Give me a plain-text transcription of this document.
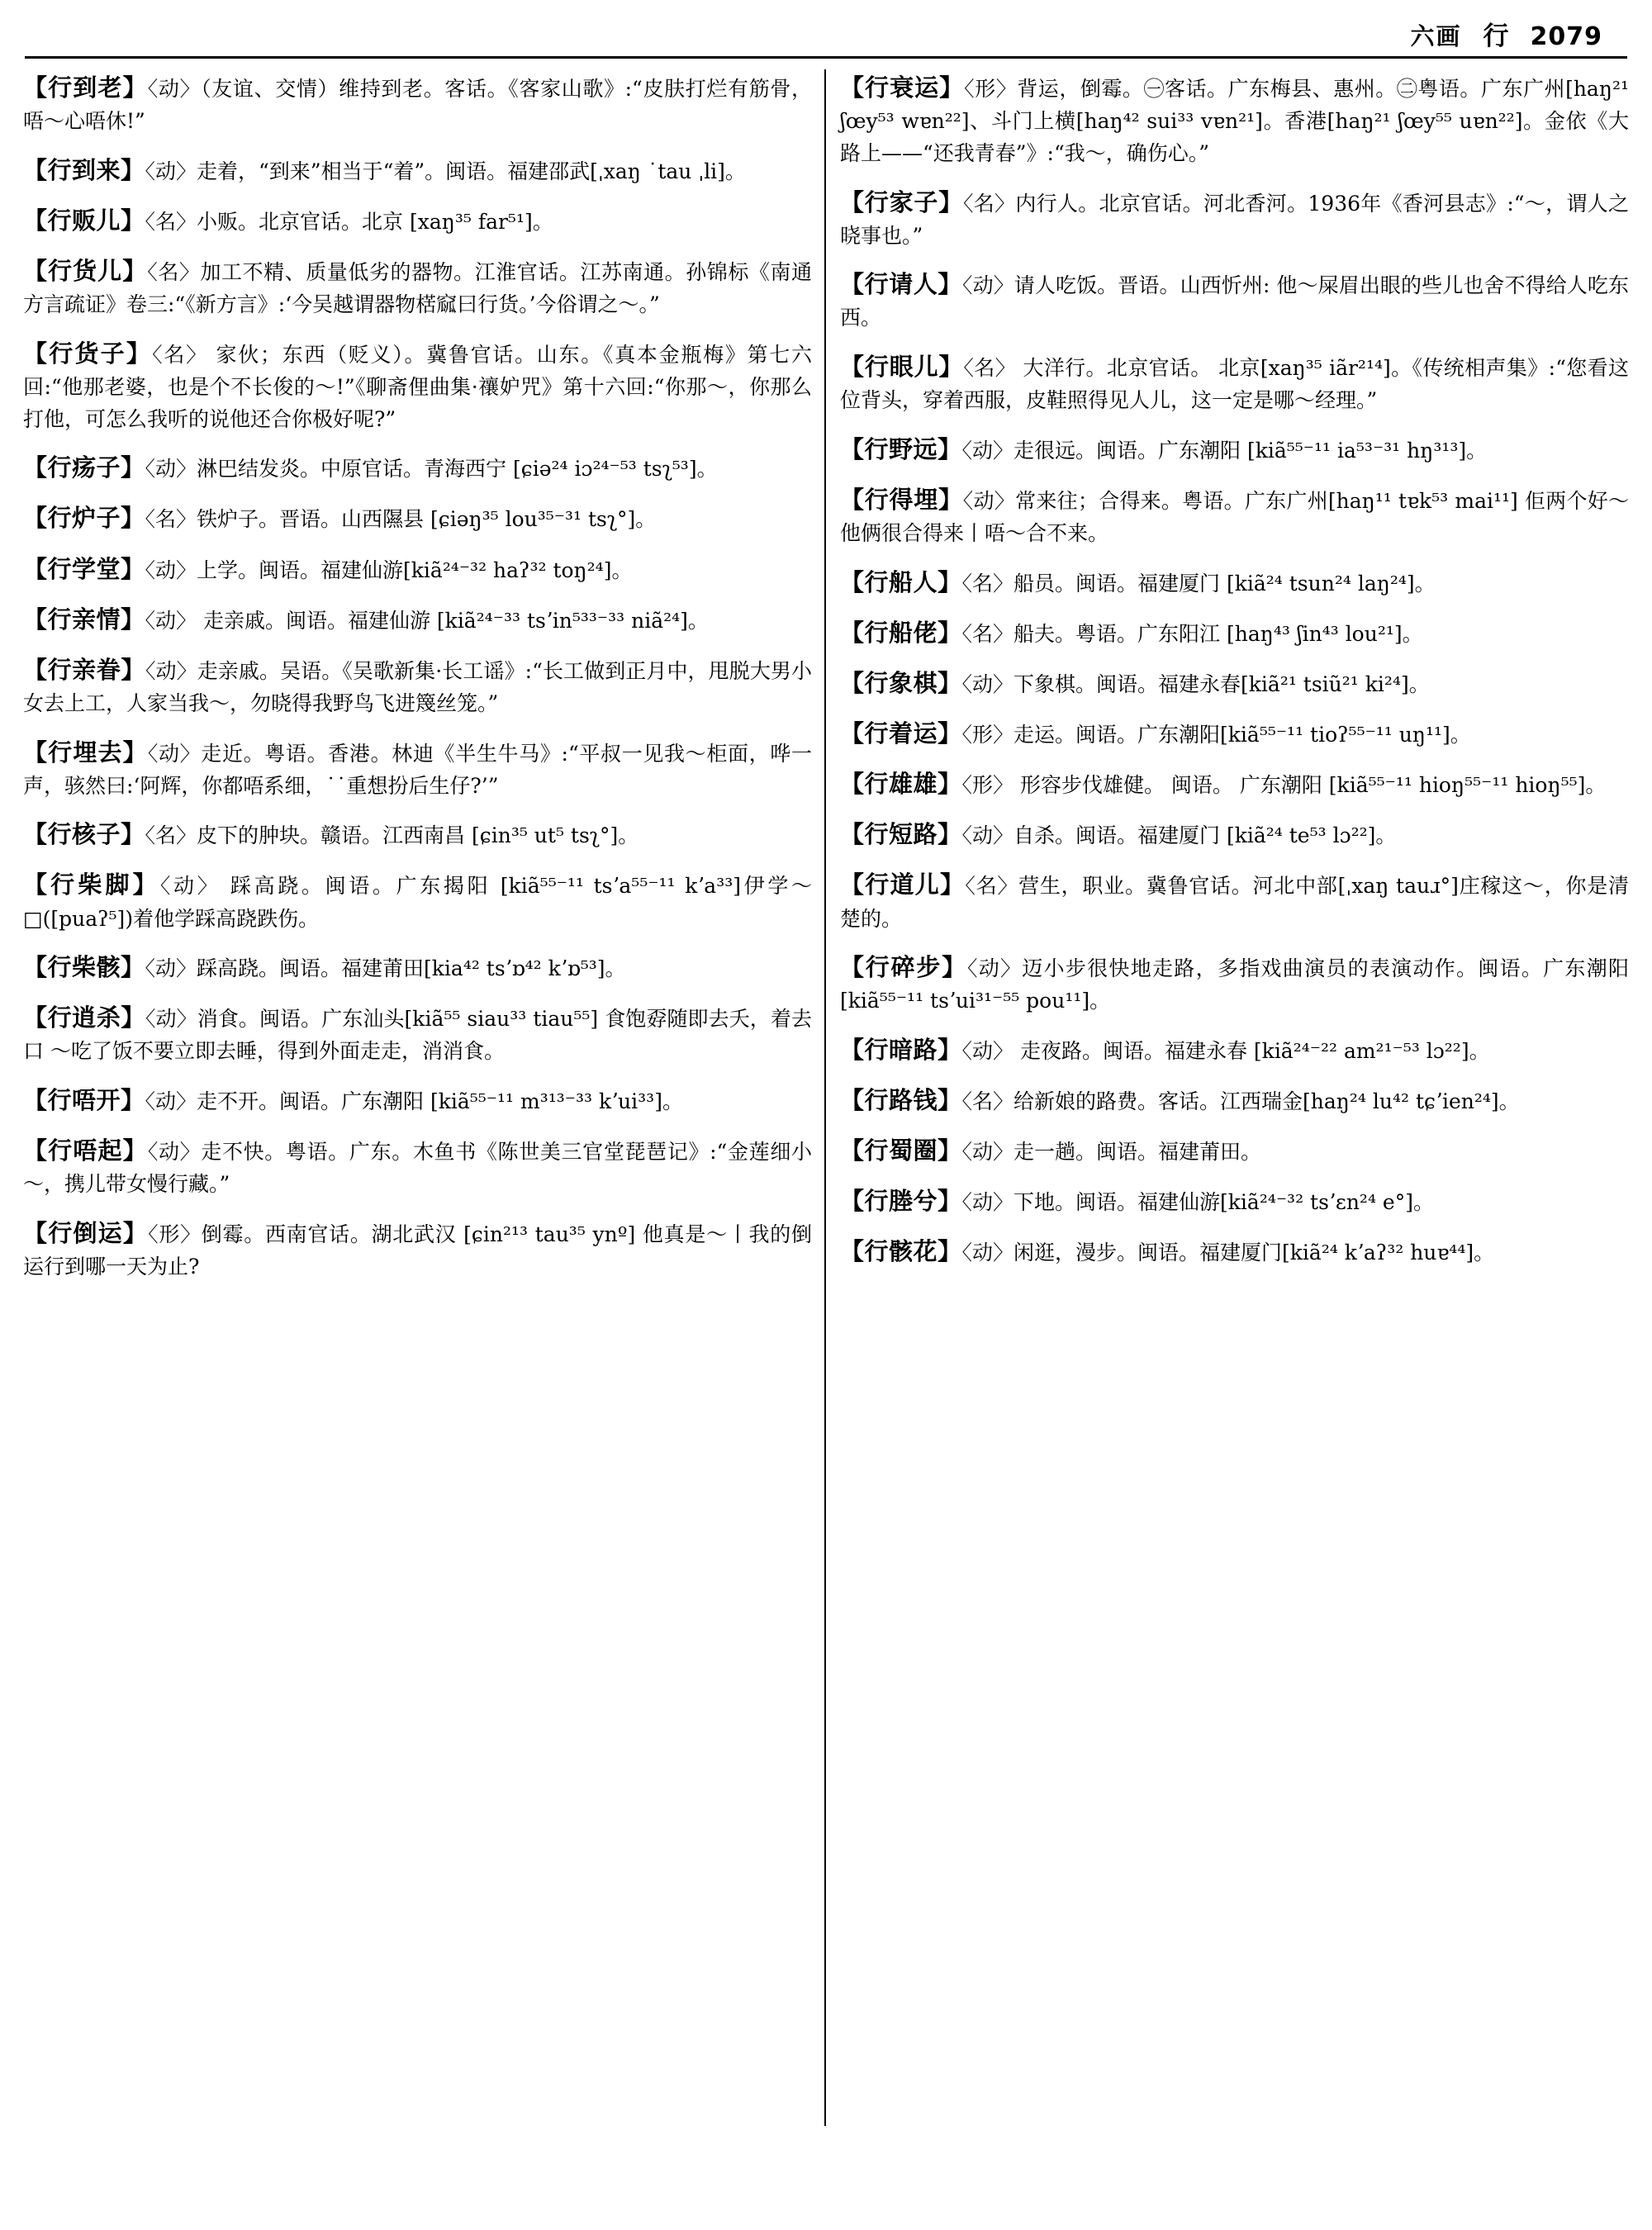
六画 行 2079
【行到老】〈动〉（友谊、交情）维持到老。客话。《客家山歌》:“皮肤打烂有筋骨，唔～心唔休!”
【行到来】〈动〉走着，“到来”相当于“着”。闽语。福建邵武[ˌxaŋ ˙tau ˌli]。
【行贩儿】〈名〉小贩。北京官话。北京 [xaŋ³⁵ far⁵¹]。
【行货儿】〈名〉加工不精、质量低劣的器物。江淮官话。江苏南通。孙锦标《南通方言疏证》卷三:“《新方言》:‘今吴越谓器物楛窳曰行货。’今俗谓之～。”
【行货子】〈名〉 家伙；东西（贬义）。冀鲁官话。山东。《真本金瓶梅》第七六回:“他那老婆，也是个不长俊的～!”《聊斋俚曲集·禳妒咒》第十六回:“你那～，你那么打他，可怎么我听的说他还合你极好呢?”
【行疡子】〈动〉淋巴结发炎。中原官话。青海西宁 [ɕiə²⁴ iɔ²⁴⁻⁵³ tsʅ⁵³]。
【行炉子】〈名〉铁炉子。晋语。山西隰县 [ɕiəŋ³⁵ lou³⁵⁻³¹ tsʅ°]。
【行学堂】〈动〉上学。闽语。福建仙游[kiã²⁴⁻³² haʔ³² toŋ²⁴]。
【行亲情】〈动〉 走亲戚。闽语。福建仙游 [kiã²⁴⁻³³ tsʼin⁵³³⁻³³ niã²⁴]。
【行亲眷】〈动〉走亲戚。吴语。《吴歌新集·长工谣》:“长工做到正月中，甩脱大男小女去上工，人家当我～，勿晓得我野鸟飞进篾丝笼。”
【行埋去】〈动〉走近。粤语。香港。林迪《半生牛马》:“平叔一见我～柜面，哗一声，骇然曰:‘阿辉，你都唔系细，˙˙重想扮后生仔?’”
【行核子】〈名〉皮下的肿块。赣语。江西南昌 [ɕin³⁵ ut⁵ tsʅ°]。
【行柴脚】〈动〉 踩高跷。闽语。广东揭阳 [kiã⁵⁵⁻¹¹ tsʼa⁵⁵⁻¹¹ kʼa³³]伊学～□([puaʔ⁵])着他学踩高跷跌伤。
【行柴骸】〈动〉踩高跷。闽语。福建莆田[kia⁴² tsʼɒ⁴² kʼɒ⁵³]。
【行逍杀】〈动〉消食。闽语。广东汕头[kiã⁵⁵ siau³³ tiau⁵⁵] 食饱孬随即去夭，着去口 ～吃了饭不要立即去睡，得到外面走走，消消食。
【行唔开】〈动〉走不开。闽语。广东潮阳 [kiã⁵⁵⁻¹¹ m³¹³⁻³³ kʼui³³]。
【行唔起】〈动〉走不快。粤语。广东。木鱼书《陈世美三官堂琵琶记》:“金莲细小～，携儿带女慢行藏。”
【行倒运】〈形〉倒霉。西南官话。湖北武汉 [ɕin²¹³ tau³⁵ ynº] 他真是～丨我的倒运行到哪一天为止?
【行衰运】〈形〉背运，倒霉。㊀客话。广东梅县、惠州。㊁粤语。广东广州[haŋ²¹ ʃœy⁵³ wɐn²²]、斗门上横[haŋ⁴² sui³³ vɐn²¹]。香港[haŋ²¹ ʃœy⁵⁵ uɐn²²]。金依《大路上——“还我青春”》:“我～，确伤心。”
【行家子】〈名〉内行人。北京官话。河北香河。1936年《香河县志》:“～，谓人之晓事也。”
【行请人】〈动〉请人吃饭。晋语。山西忻州: 他～屎眉出眼的些儿也舍不得给人吃东西。
【行眼儿】〈名〉 大洋行。北京官话。 北京[xaŋ³⁵ iãr²¹⁴]。《传统相声集》:“您看这位背头，穿着西服，皮鞋照得见人儿，这一定是哪～经理。”
【行野远】〈动〉走很远。闽语。广东潮阳 [kiã⁵⁵⁻¹¹ ia⁵³⁻³¹ hŋ³¹³]。
【行得埋】〈动〉常来往；合得来。粤语。广东广州[haŋ¹¹ tɐk⁵³ mai¹¹] 佢两个好～他俩很合得来丨唔～合不来。
【行船人】〈名〉船员。闽语。福建厦门 [kiã²⁴ tsun²⁴ laŋ²⁴]。
【行船佬】〈名〉船夫。粤语。广东阳江 [haŋ⁴³ ʃin⁴³ lou²¹]。
【行象棋】〈动〉下象棋。闽语。福建永春[kiã²¹ tsiũ²¹ ki²⁴]。
【行着运】〈形〉走运。闽语。广东潮阳[kiã⁵⁵⁻¹¹ tioʔ⁵⁵⁻¹¹ uŋ¹¹]。
【行雄雄】〈形〉 形容步伐雄健。 闽语。 广东潮阳 [kiã⁵⁵⁻¹¹ hioŋ⁵⁵⁻¹¹ hioŋ⁵⁵]。
【行短路】〈动〉自杀。闽语。福建厦门 [kiã²⁴ te⁵³ lɔ²²]。
【行道儿】〈名〉营生，职业。冀鲁官话。河北中部[ˌxaŋ tauɹ°]庄稼这～，你是清楚的。
【行碎步】〈动〉迈小步很快地走路，多指戏曲演员的表演动作。闽语。广东潮阳 [kiã⁵⁵⁻¹¹ tsʼui³¹⁻⁵⁵ pou¹¹]。
【行暗路】〈动〉 走夜路。闽语。福建永春 [kiã²⁴⁻²² am²¹⁻⁵³ lɔ²²]。
【行路钱】〈名〉给新娘的路费。客话。江西瑞金[haŋ²⁴ lu⁴² tɕʼien²⁴]。
【行蜀圈】〈动〉走一趟。闽语。福建莆田。
【行塍兮】〈动〉下地。闽语。福建仙游[kiã²⁴⁻³² tsʼɛn²⁴ e°]。
【行骸花】〈动〉闲逛，漫步。闽语。福建厦门[kiã²⁴ kʼaʔ³² huɐ⁴⁴]。
